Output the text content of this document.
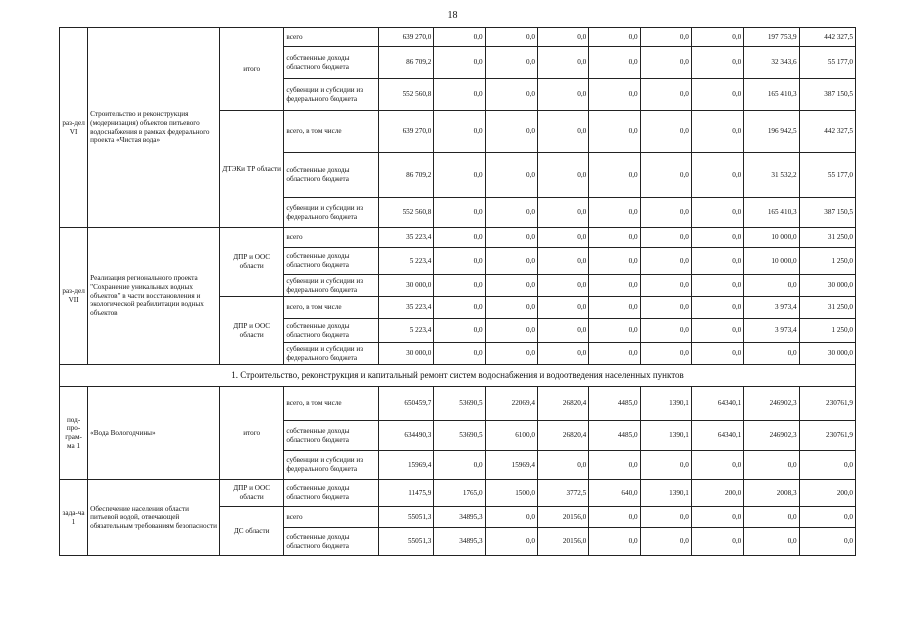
18
раз-дел VI	Строительство и реконструкция (модернизация) объектов питьевого водоснабжения в рамках федерального проекта «Чистая вода»	итого	всего	639 270,0	0,0	0,0	0,0	0,0	0,0	0,0	197 753,9	442 327,5
			собственные доходы областного бюджета	86 709,2	0,0	0,0	0,0	0,0	0,0	0,0	32 343,6	55 177,0
			субвенции и субсидии из федерального бюджета	552 560,8	0,0	0,0	0,0	0,0	0,0	0,0	165 410,3	387 150,5
		ДТЭКи ТР области	всего, в том числе	639 270,0	0,0	0,0	0,0	0,0	0,0	0,0	196 942,5	442 327,5
			собственные доходы областного бюджета	86 709,2	0,0	0,0	0,0	0,0	0,0	0,0	31 532,2	55 177,0
			субвенции и субсидии из федерального бюджета	552 560,8	0,0	0,0	0,0	0,0	0,0	0,0	165 410,3	387 150,5
раз-дел VII	Реализация регионального проекта "Сохранение уникальных водных объектов" в части восстановления и экологической реабилитации водных объектов	ДПР и ООС области	всего	35 223,4	0,0	0,0	0,0	0,0	0,0	0,0	10 000,0	31 250,0
			собственные доходы областного бюджета	5 223,4	0,0	0,0	0,0	0,0	0,0	0,0	10 000,0	1 250,0
			субвенции и субсидии из федерального бюджета	30 000,0	0,0	0,0	0,0	0,0	0,0	0,0	0,0	30 000,0
		ДПР и ООС области	всего, в том числе	35 223,4	0,0	0,0	0,0	0,0	0,0	0,0	3 973,4	31 250,0
			собственные доходы областного бюджета	5 223,4	0,0	0,0	0,0	0,0	0,0	0,0	3 973,4	1 250,0
			субвенции и субсидии из федерального бюджета	30 000,0	0,0	0,0	0,0	0,0	0,0	0,0	0,0	30 000,0
1. Строительство, реконструкция и капитальный ремонт систем водоснабжения и водоотведения населенных пунктов												
под-про-грам-ма 1	«Вода Вологодчины»	итого	всего, в том числе	650459,7	53690,5	22069,4	26820,4	4485,0	1390,1	64340,1	246902,3	230761,9
			собственные доходы областного бюджета	634490,3	53690,5	6100,0	26820,4	4485,0	1390,1	64340,1	246902,3	230761,9
			субвенции и субсидии из федерального бюджета	15969,4	0,0	15969,4	0,0	0,0	0,0	0,0	0,0	0,0
зада-ча 1	Обеспечение населения области питьевой водой, отвечающей обязательным требованиям безопасности	ДПР и ООС области	собственные доходы областного бюджета	11475,9	1765,0	1500,0	3772,5	640,0	1390,1	200,0	2008,3	200,0
		ДС области	всего	55051,3	34895,3	0,0	20156,0	0,0	0,0	0,0	0,0	0,0
			собственные доходы областного бюджета	55051,3	34895,3	0,0	20156,0	0,0	0,0	0,0	0,0	0,0
